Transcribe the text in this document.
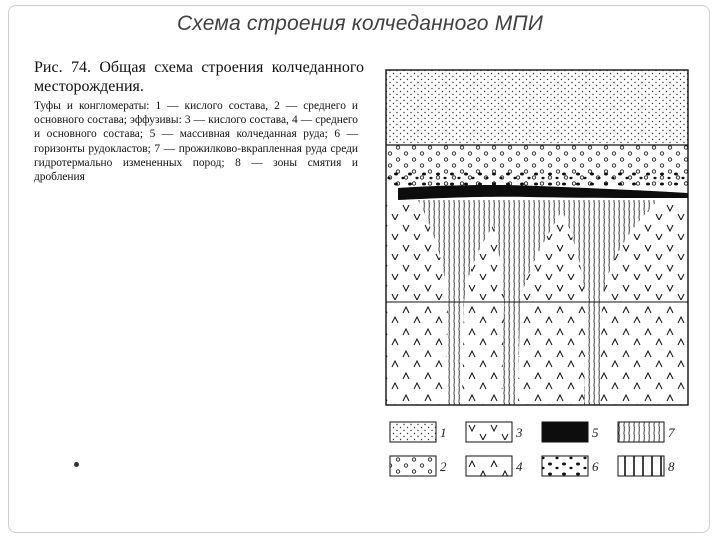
Схема строения колчеданного МПИ
Рис. 74. Общая схема строения колчеданного месторождения.
Туфы и конгломераты: 1 — кислого состава, 2 — среднего и основного состава; эффузивы: 3 — кислого состава, 4 — среднего и основного состава; 5 — массивная колчеданная руда; 6 — горизонты рудокластов; 7 — прожилково-вкрапленная руда среди гидротермально измененных пород; 8 — зоны смятия и дробления
1
2
3
4
5
6
7
8
